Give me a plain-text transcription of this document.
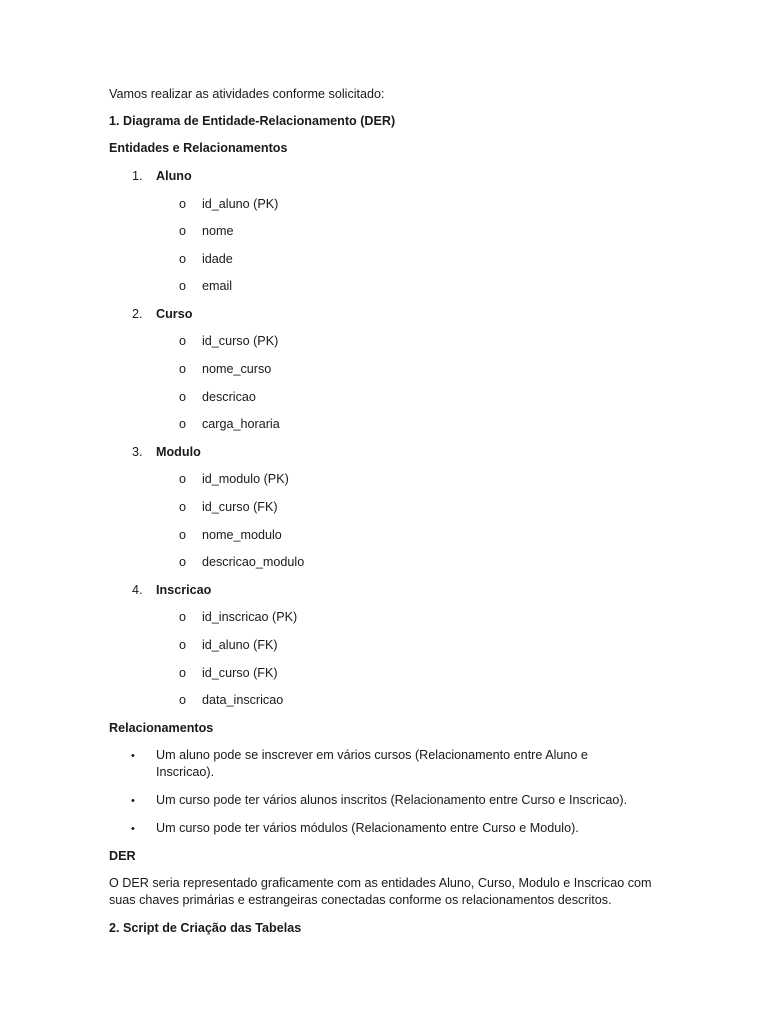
Vamos realizar as atividades conforme solicitado:
1. Diagrama de Entidade-Relacionamento (DER)
Entidades e Relacionamentos
1. Aluno
o id_aluno (PK)
o nome
o idade
o email
2. Curso
o id_curso (PK)
o nome_curso
o descricao
o carga_horaria
3. Modulo
o id_modulo (PK)
o id_curso (FK)
o nome_modulo
o descricao_modulo
4. Inscricao
o id_inscricao (PK)
o id_aluno (FK)
o id_curso (FK)
o data_inscricao
Relacionamentos
• Um aluno pode se inscrever em vários cursos (Relacionamento entre Aluno e Inscricao).
• Um curso pode ter vários alunos inscritos (Relacionamento entre Curso e Inscricao).
• Um curso pode ter vários módulos (Relacionamento entre Curso e Modulo).
DER
O DER seria representado graficamente com as entidades Aluno, Curso, Modulo e Inscricao com suas chaves primárias e estrangeiras conectadas conforme os relacionamentos descritos.
2. Script de Criação das Tabelas
